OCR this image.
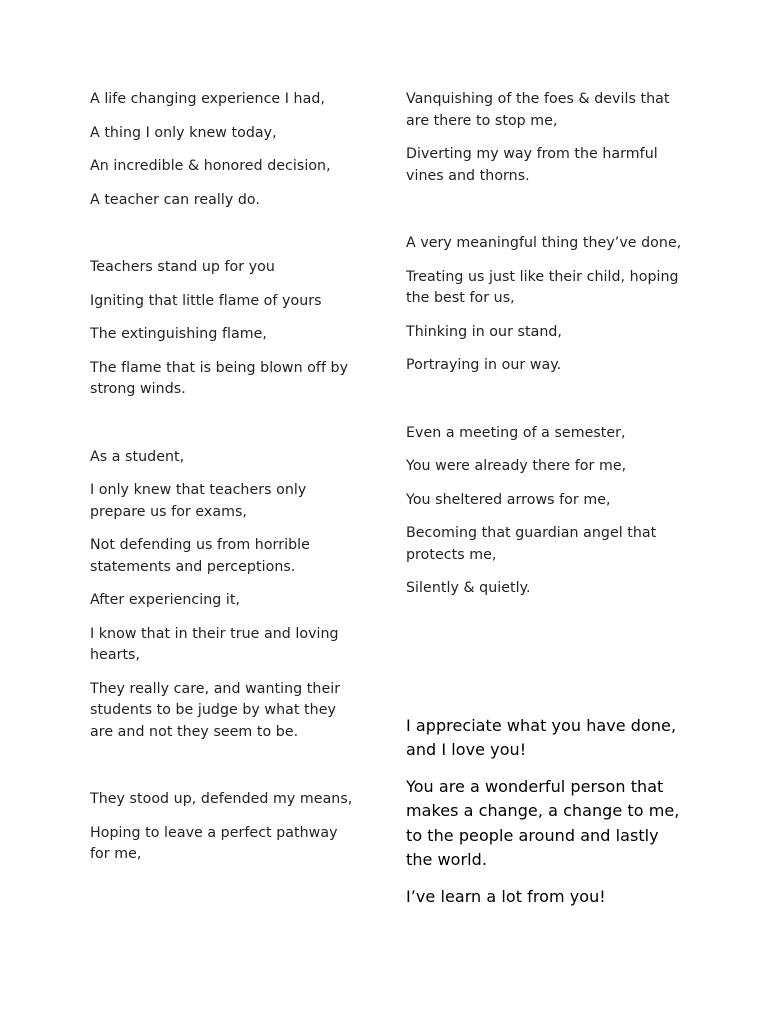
A life changing experience I had,

A thing I only knew today,

An incredible & honored decision,

A teacher can really do.

Teachers stand up for you

Igniting that little flame of yours

The extinguishing flame,

The flame that is being blown off by strong winds.

As a student,

I only knew that teachers only prepare us for exams,

Not defending us from horrible statements and perceptions.

After experiencing it,

I know that in their true and loving hearts,

They really care, and wanting their students to be judge by what they are and not they seem to be.

They stood up, defended my means,

Hoping to leave a perfect pathway for me,

Vanquishing of the foes & devils that are there to stop me,

Diverting my way from the harmful vines and thorns.

A very meaningful thing they’ve done,

Treating us just like their child, hoping the best for us,

Thinking in our stand,

Portraying in our way.

Even a meeting of a semester,

You were already there for me,

You sheltered arrows for me,

Becoming that guardian angel that protects me,

Silently & quietly.

I appreciate what you have done, and I love you!

You are a wonderful person that makes a change, a change to me, to the people around and lastly the world.

I’ve learn a lot from you!
